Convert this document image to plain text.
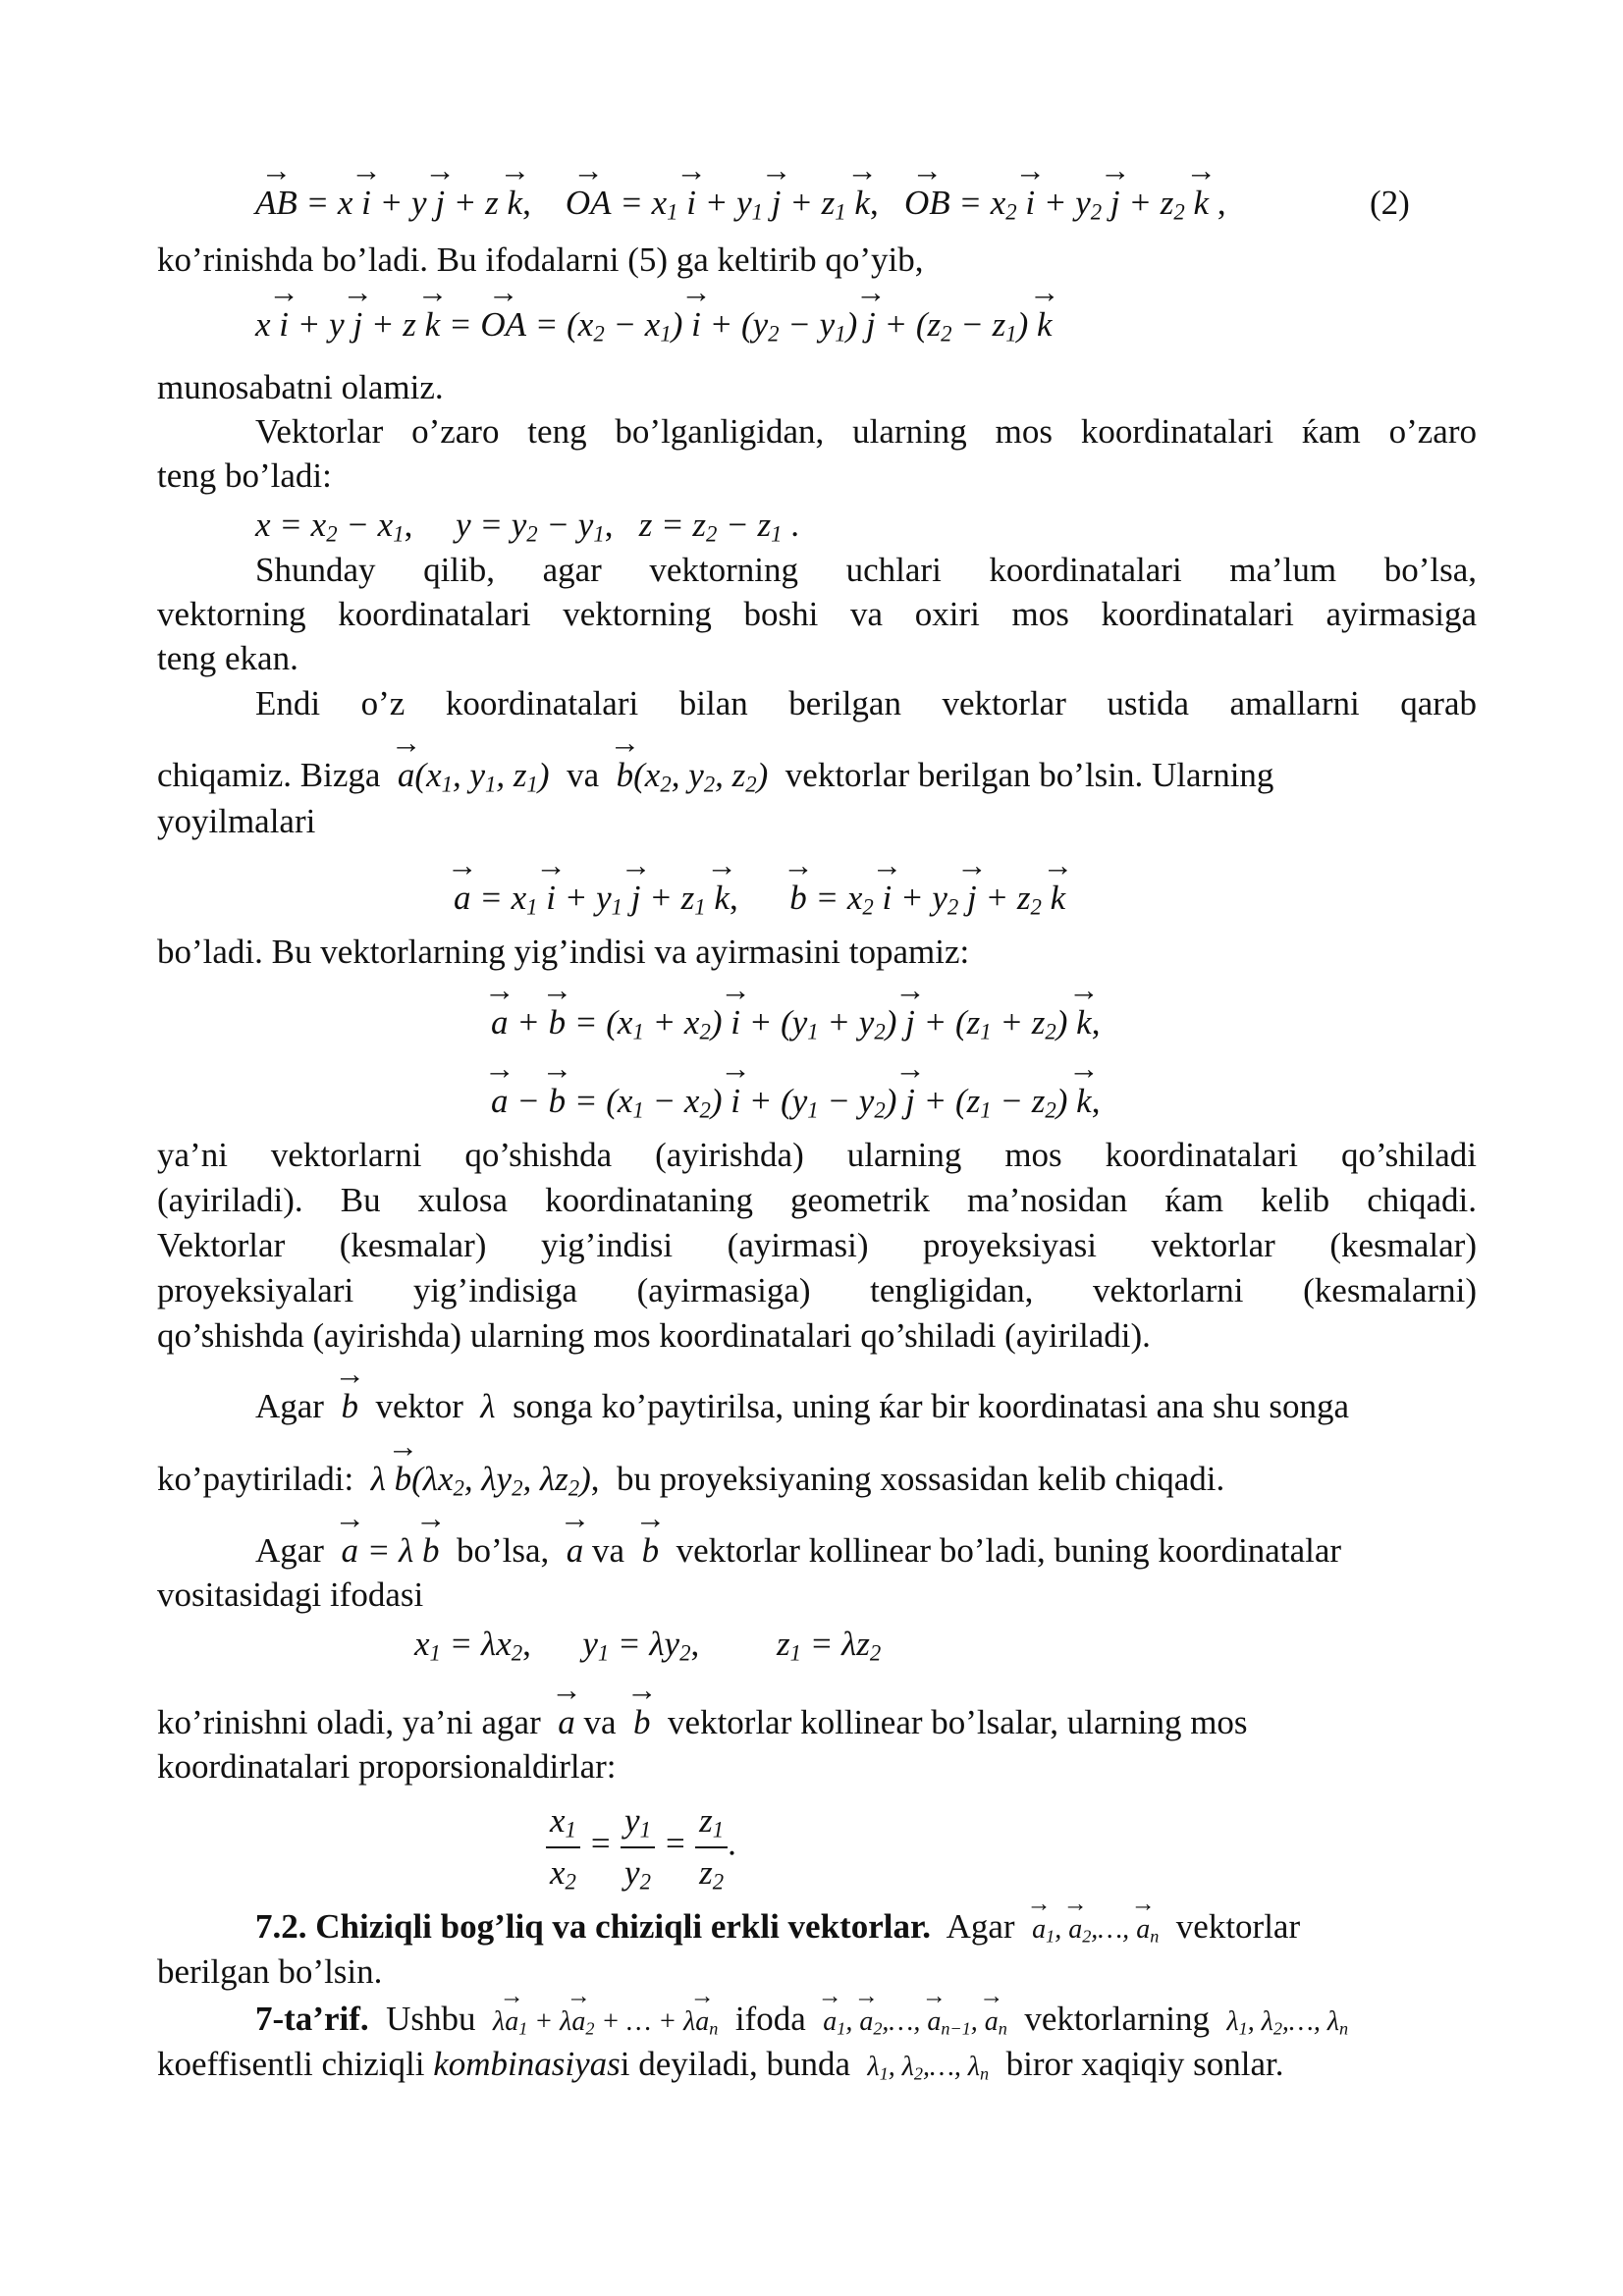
→ AB = x → i + y → j + z → k, → OA = $x_1 \to i + y_1 \to j + z_1 \to k$, → OB = $x_2 \to i + y_2 \to j + z_2 \to k$ ,	(2)
ko’rinishda bo’ladi. Bu ifodalarni (5) ga keltirib qo’yib,
x → i + y → j + z → k = → OA = $(x_2 - x_1) \to i + (y_2 - y_1) \to j + (z_2 - z_1) \to k$
munosabatni olamiz.
Vektorlar o’zaro teng bo’lganligidan, ularning mos koordinatalari ќam o’zaro
teng bo’ladi:
$x = x_2 - x_1$,     $y = y_2 - y_1$,   $z = z_2 - z_1$ .
Shunday qilib, agar vektorning uchlari koordinatalari ma’lum bo’lsa,
vektorning koordinatalari vektorning boshi va oxiri mos koordinatalari ayirmasiga
teng ekan.
Endi o’z koordinatalari bilan berilgan vektorlar ustida amallarni qarab
chiqamiz. Bizga → $a(x_1$, $y_1$, $z_1$) va → $b(x_2$, $y_2$, $z_2$) vektorlar berilgan bo’lsin. Ularning
yoyilmalari
→ $a = x_1 \to i + y_1 \to j + z_1 \to k$, → $b = x_2 \to i + y_2 \to j + z_2 \to k$
bo’ladi. Bu vektorlarning yig’indisi va ayirmasini topamiz:
→ a + → $b = (x_1 + x_2) \to i + (y_1 + y_2) \to j + (z_1 + z_2) \to k$,
→ a − → $b = (x_1 - x_2) \to i + (y_1 - y_2) \to j + (z_1 - z_2) \to k$,
ya’ni vektorlarni qo’shishda (ayirishda) ularning mos koordinatalari qo’shiladi
(ayiriladi). Bu xulosa koordinataning geometrik ma’nosidan ќam kelib chiqadi.
Vektorlar (kesmalar) yig’indisi (ayirmasi) proyeksiyasi vektorlar (kesmalar)
proyeksiyalari yig’indisiga (ayirmasiga) tengligidan, vektorlarni (kesmalarni)
qo’shishda (ayirishda) ularning mos koordinatalari qo’shiladi (ayiriladi).
Agar → b vektor λ songa ko’paytirilsa, uning ќar bir koordinatasi ana shu songa
ko’paytiriladi: $\lambda \to b(\lambda x_2$, $\lambda y_2$, $\lambda z_2$),  bu proyeksiyaning xossasidan kelib chiqadi.
Agar → a = λ → b bo’lsa, → a va → b vektorlar kollinear bo’ladi, buning koordinatalar
vositasidagi ifodasi
$x_1 = \lambda x_2$,      $y_1 = \lambda y_2$,         $z_1 = \lambda z_2$
ko’rinishni oladi, ya’ni agar → a va → b vektorlar kollinear bo’lsalar, ularning mos
koordinatalari proporsionaldirlar:
$\frac{x_1}{x_2} = \frac{y_1}{y_2} = \frac{z_1}{z_2}$ .
7.2. Chiziqli bog’liq va chiziqli erkli vektorlar. Agar → $a_1$, → $a_2,\dots$, → $a_n$ vektorlar
berilgan bo’lsin.
7-ta’rif. Ushbu $\lambda\to a_1 + \lambda\to a_2$ + … + $\lambda\to a_n$ ifoda → $a_1$, → $a_2,\dots$, → $a_{n-1}$, → $a_n$ vektorlarning $\lambda_1$, $\lambda_2,\dots$, $\lambda_n$
koeffisentli chiziqli kombinasiyasi deyiladi, bunda $\lambda_1$, $\lambda_2,\dots$, $\lambda_n$ biror xaqiqiy sonlar.
